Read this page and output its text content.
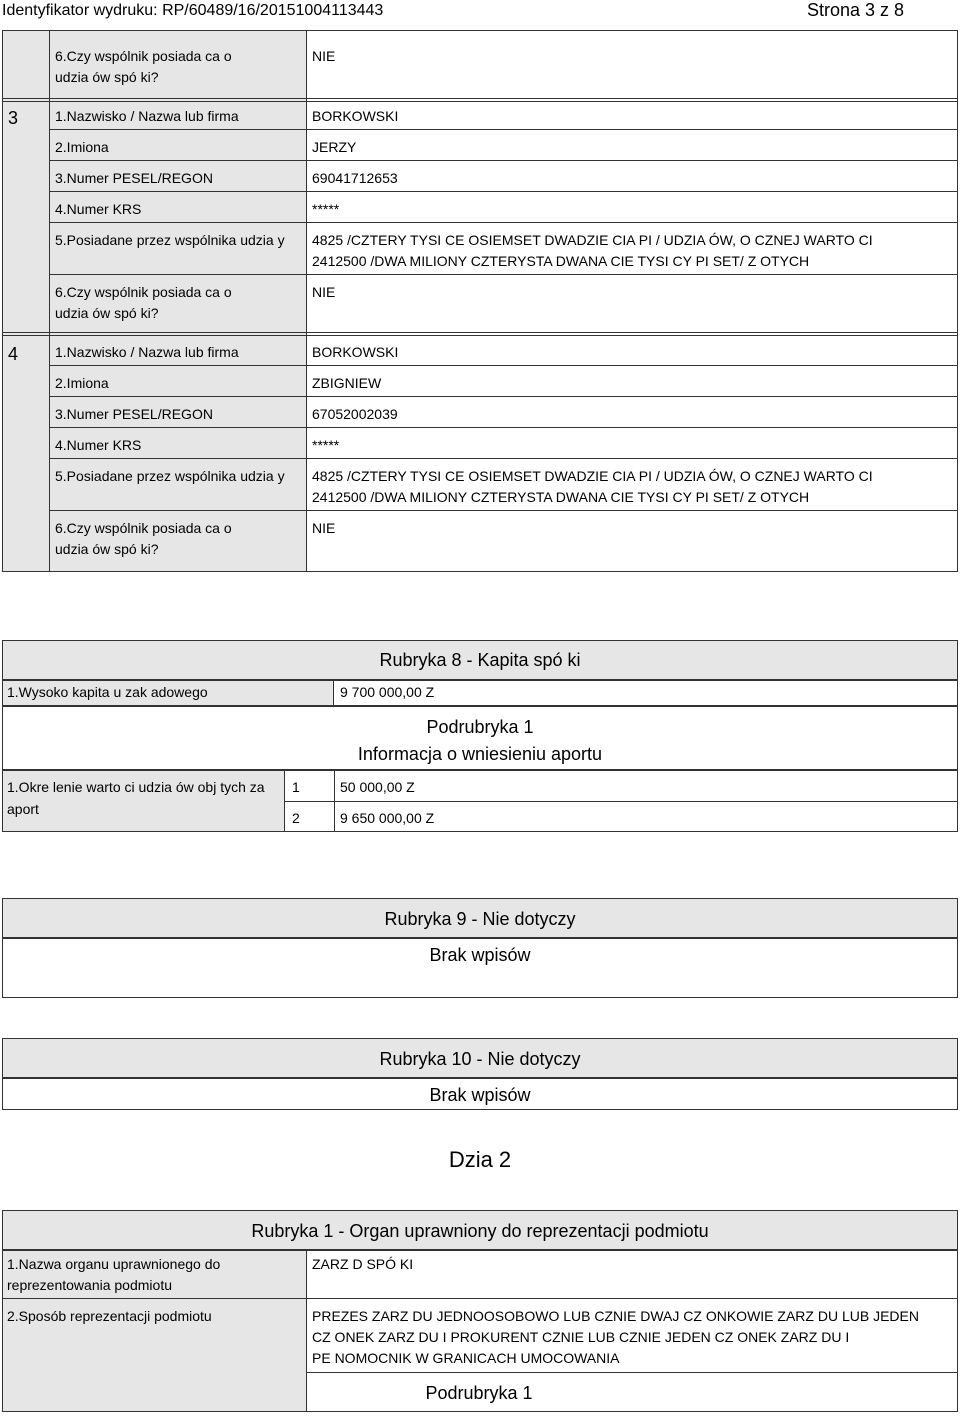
Identyfikator wydruku: RP/60489/16/20151004113443	Strona 3 z 8
6.Czy wspólnik posiada ca o
udzia ów spó ki?
NIE
3	1.Nazwisko / Nazwa lub firma	BORKOWSKI
2.Imiona	JERZY
3.Numer PESEL/REGON	69041712653
4.Numer KRS	*****
5.Posiadane przez wspólnika udzia y 4825 /CZTERY TYSI CE OSIEMSET DWADZIE CIA PI / UDZIA ÓW, O CZNEJ WARTO CI
2412500 /DWA MILIONY CZTERYSTA DWANA CIE TYSI CY PI SET/ Z OTYCH
6.Czy wspólnik posiada ca o
udzia ów spó ki?
NIE
4	1.Nazwisko / Nazwa lub firma	BORKOWSKI
2.Imiona	ZBIGNIEW
3.Numer PESEL/REGON	67052002039
4.Numer KRS	*****
5.Posiadane przez wspólnika udzia y 4825 /CZTERY TYSI CE OSIEMSET DWADZIE CIA PI / UDZIA ÓW, O CZNEJ WARTO CI
2412500 /DWA MILIONY CZTERYSTA DWANA CIE TYSI CY PI SET/ Z OTYCH
6.Czy wspólnik posiada ca o
udzia ów spó ki?
NIE
Rubryka 8 - Kapita spó ki
1.Wysoko kapita u zak adowego	9 700 000,00 Z
Podrubryka 1
Informacja o wniesieniu aportu
1.Okre lenie warto ci udzia ów obj tych za
aport
1	50 000,00 Z
2	9 650 000,00 Z
Rubryka 9 - Nie dotyczy
Brak wpisów
Rubryka 10 - Nie dotyczy
Brak wpisów
Dzia 2
Rubryka 1 - Organ uprawniony do reprezentacji podmiotu
1.Nazwa organu uprawnionego do
reprezentowania podmiotu
ZARZ D SPÓ KI
2.Sposób reprezentacji podmiotu	PREZES ZARZ DU JEDNOOSOBOWO LUB CZNIE DWAJ CZ ONKOWIE ZARZ DU LUB JEDEN
CZ ONEK ZARZ DU I PROKURENT CZNIE LUB CZNIE JEDEN CZ ONEK ZARZ DU I
PE NOMOCNIK W GRANICACH UMOCOWANIA
Podrubryka 1
